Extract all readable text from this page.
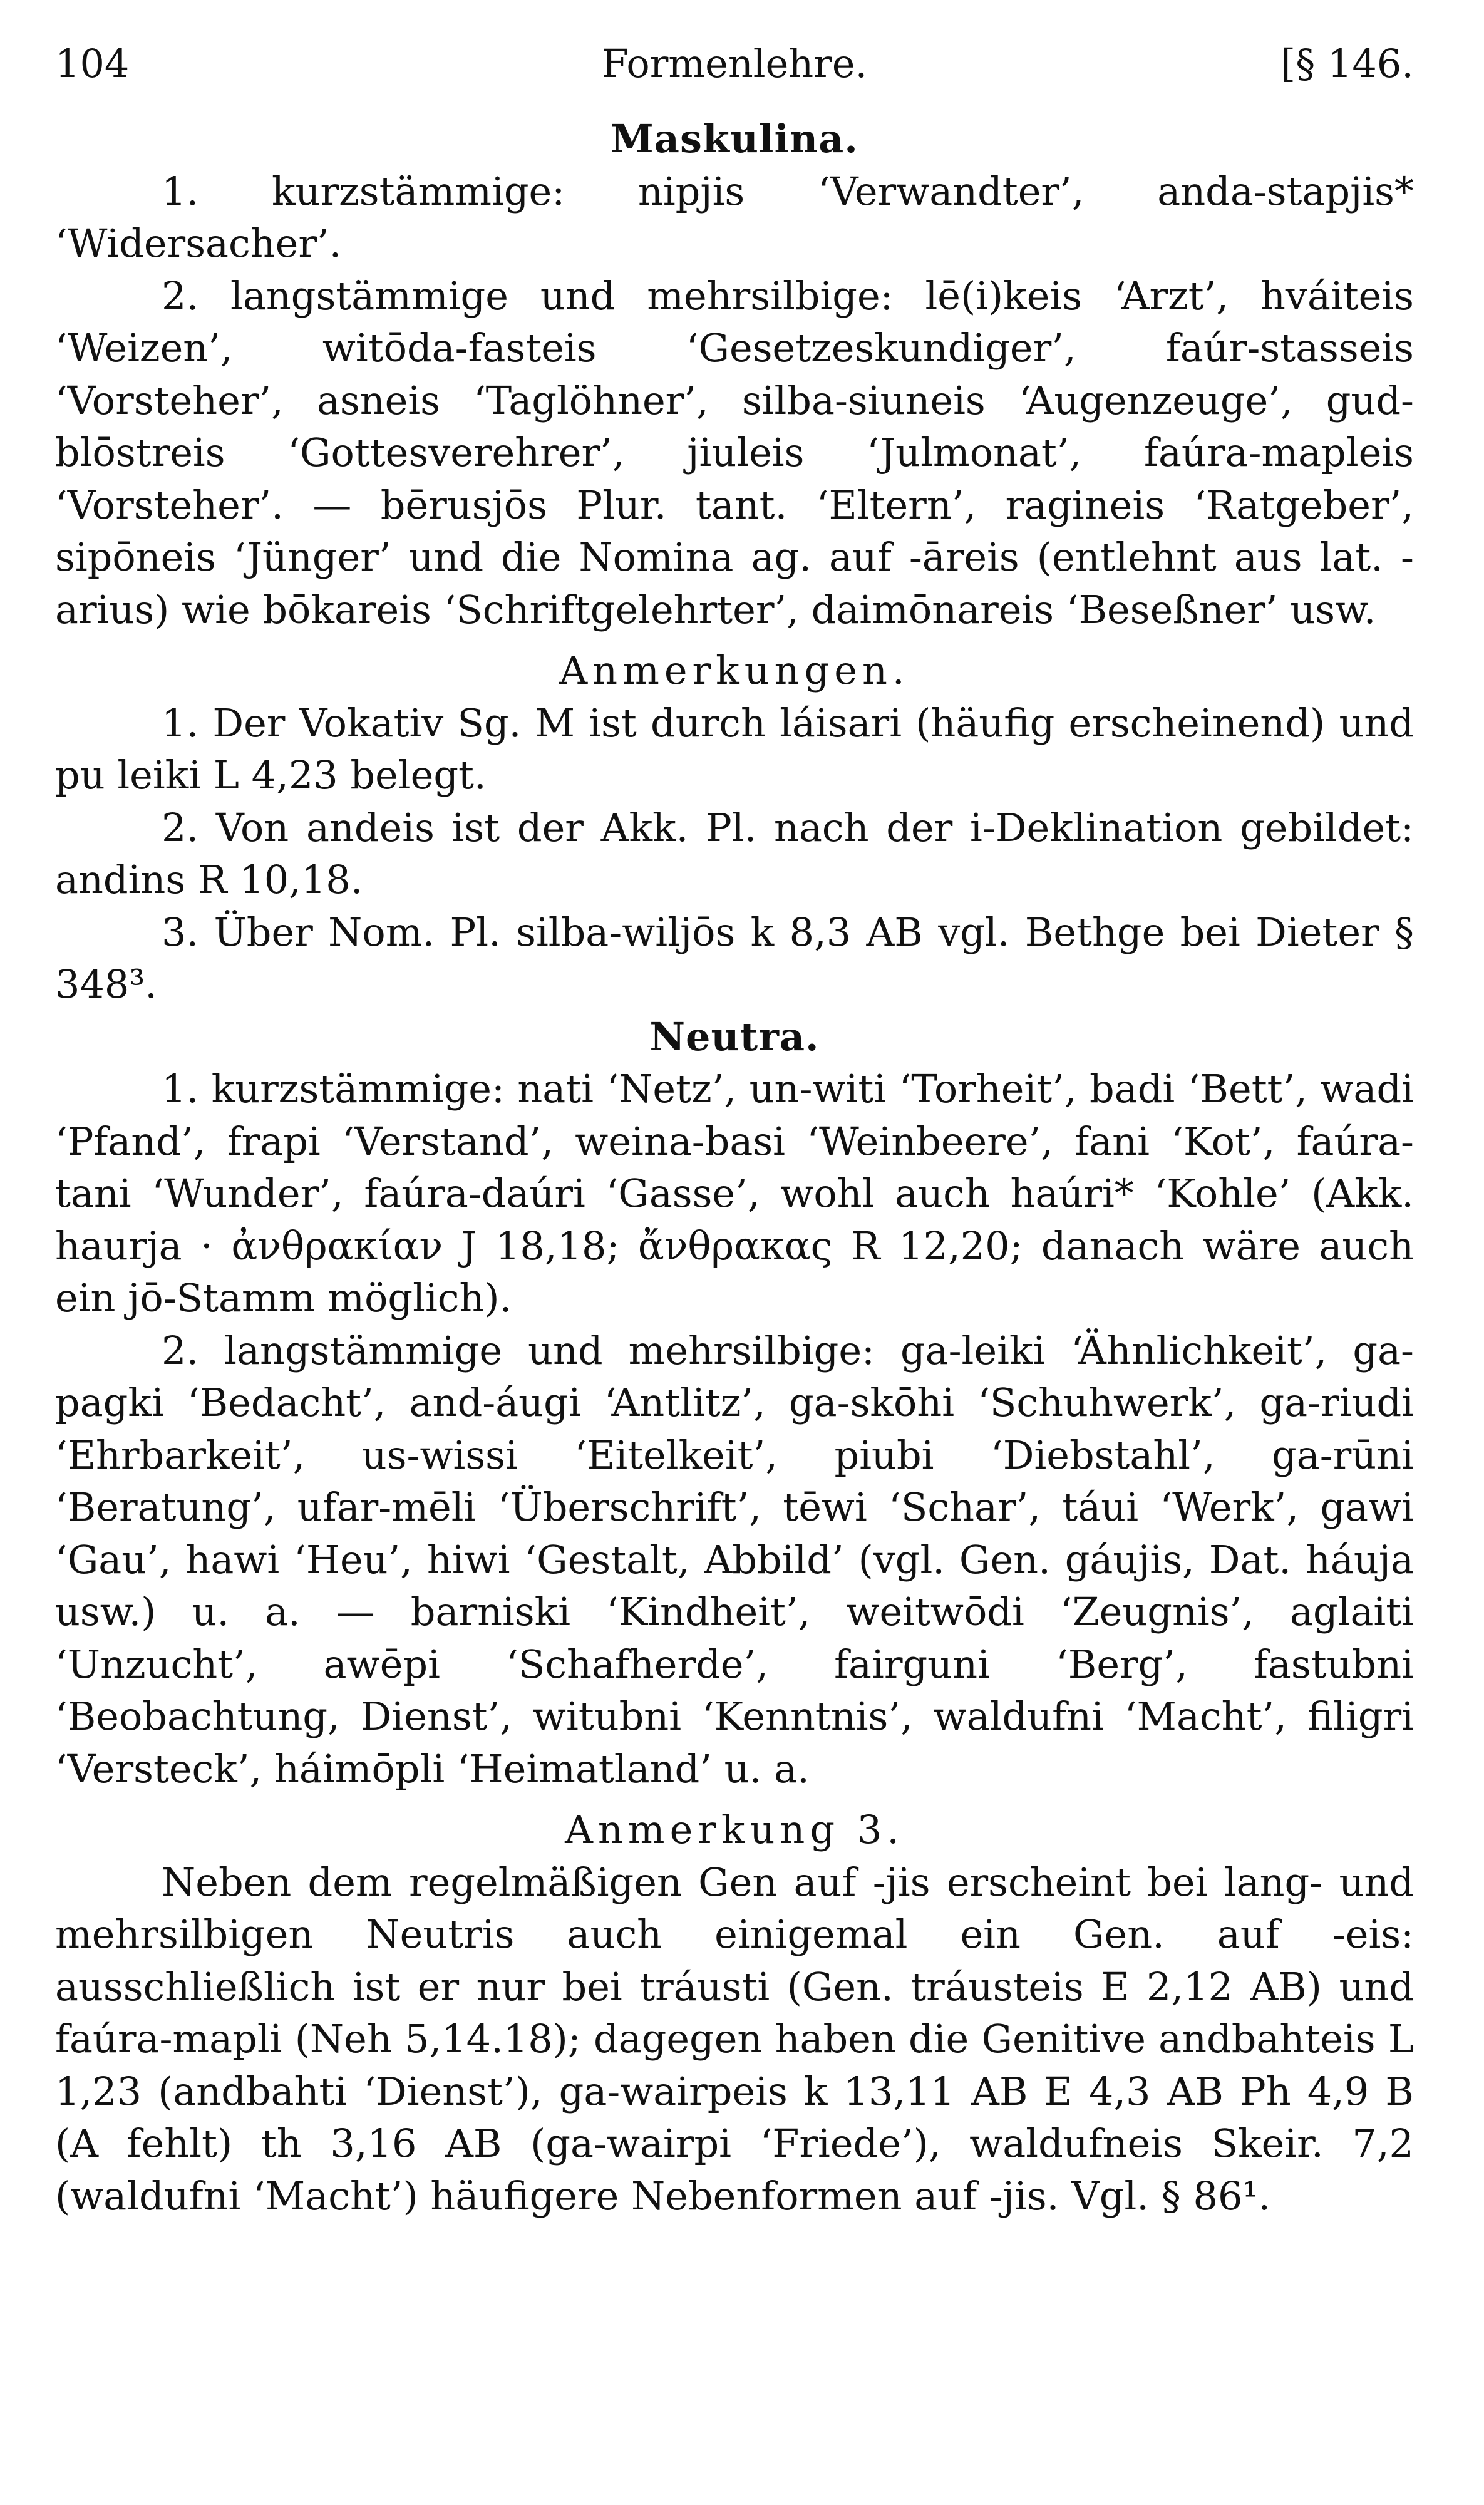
104	Formenlehre.	[§ 146.
Maskulina.

1. kurzstämmige: nipjis ‘Verwandter’, anda-stapjis* ‘Widersacher’.

2. langstämmige und mehrsilbige: lē(i)keis ‘Arzt’, hváiteis ‘Weizen’, witōda-fasteis ‘Gesetzeskundiger’, faúr-stasseis ‘Vorsteher’, asneis ‘Taglöhner’, silba-siuneis ‘Augenzeuge’, gud-blōstreis ‘Gottesverehrer’, jiuleis ‘Julmonat’, faúra-mapleis ‘Vorsteher’. — bērusjōs Plur. tant. ‘Eltern’, ragineis ‘Ratgeber’, sipōneis ‘Jünger’ und die Nomina ag. auf -āreis (entlehnt aus lat. -arius) wie bōkareis ‘Schriftgelehrter’, daimōnareis ‘Beseßner’ usw.

Anmerkungen.

1. Der Vokativ Sg. M ist durch láisari (häufig erscheinend) und pu leiki L 4,23 belegt.

2. Von andeis ist der Akk. Pl. nach der i-Deklination gebildet: andins R 10,18.

3. Über Nom. Pl. silba-wiljōs k 8,3 AB vgl. Bethge bei Dieter § 348³.

Neutra.

1. kurzstämmige: nati ‘Netz’, un-witi ‘Torheit’, badi ‘Bett’, wadi ‘Pfand’, frapi ‘Verstand’, weina-basi ‘Weinbeere’, fani ‘Kot’, faúra-tani ‘Wunder’, faúra-daúri ‘Gasse’, wohl auch haúri* ‘Kohle’ (Akk. haurja · ἀνθρακίαν J 18,18; ἄνθρακας R 12,20; danach wäre auch ein jō-Stamm möglich).

2. langstämmige und mehrsilbige: ga-leiki ‘Ähnlichkeit’, ga-pagki ‘Bedacht’, and-áugi ‘Antlitz’, ga-skōhi ‘Schuhwerk’, ga-riudi ‘Ehrbarkeit’, us-wissi ‘Eitelkeit’, piubi ‘Diebstahl’, ga-rūni ‘Beratung’, ufar-mēli ‘Überschrift’, tēwi ‘Schar’, táui ‘Werk’, gawi ‘Gau’, hawi ‘Heu’, hiwi ‘Gestalt, Abbild’ (vgl. Gen. gáujis, Dat. háuja usw.) u. a. — barniski ‘Kindheit’, weitwōdi ‘Zeugnis’, aglaiti ‘Unzucht’, awēpi ‘Schafherde’, fairguni ‘Berg’, fastubni ‘Beobachtung, Dienst’, witubni ‘Kenntnis’, waldufni ‘Macht’, filigri ‘Versteck’, háimōpli ‘Heimatland’ u. a.

Anmerkung 3.

Neben dem regelmäßigen Gen auf -jis erscheint bei lang- und mehrsilbigen Neutris auch einigemal ein Gen. auf -eis: ausschließlich ist er nur bei tráusti (Gen. tráusteis E 2,12 AB) und faúra-mapli (Neh 5,14.18); dagegen haben die Genitive andbahteis L 1,23 (andbahti ‘Dienst’), ga-wairpeis k 13,11 AB E 4,3 AB Ph 4,9 B (A fehlt) th 3,16 AB (ga-wairpi ‘Friede’), waldufneis Skeir. 7,2 (waldufni ‘Macht’) häufigere Nebenformen auf -jis. Vgl. § 86¹.
